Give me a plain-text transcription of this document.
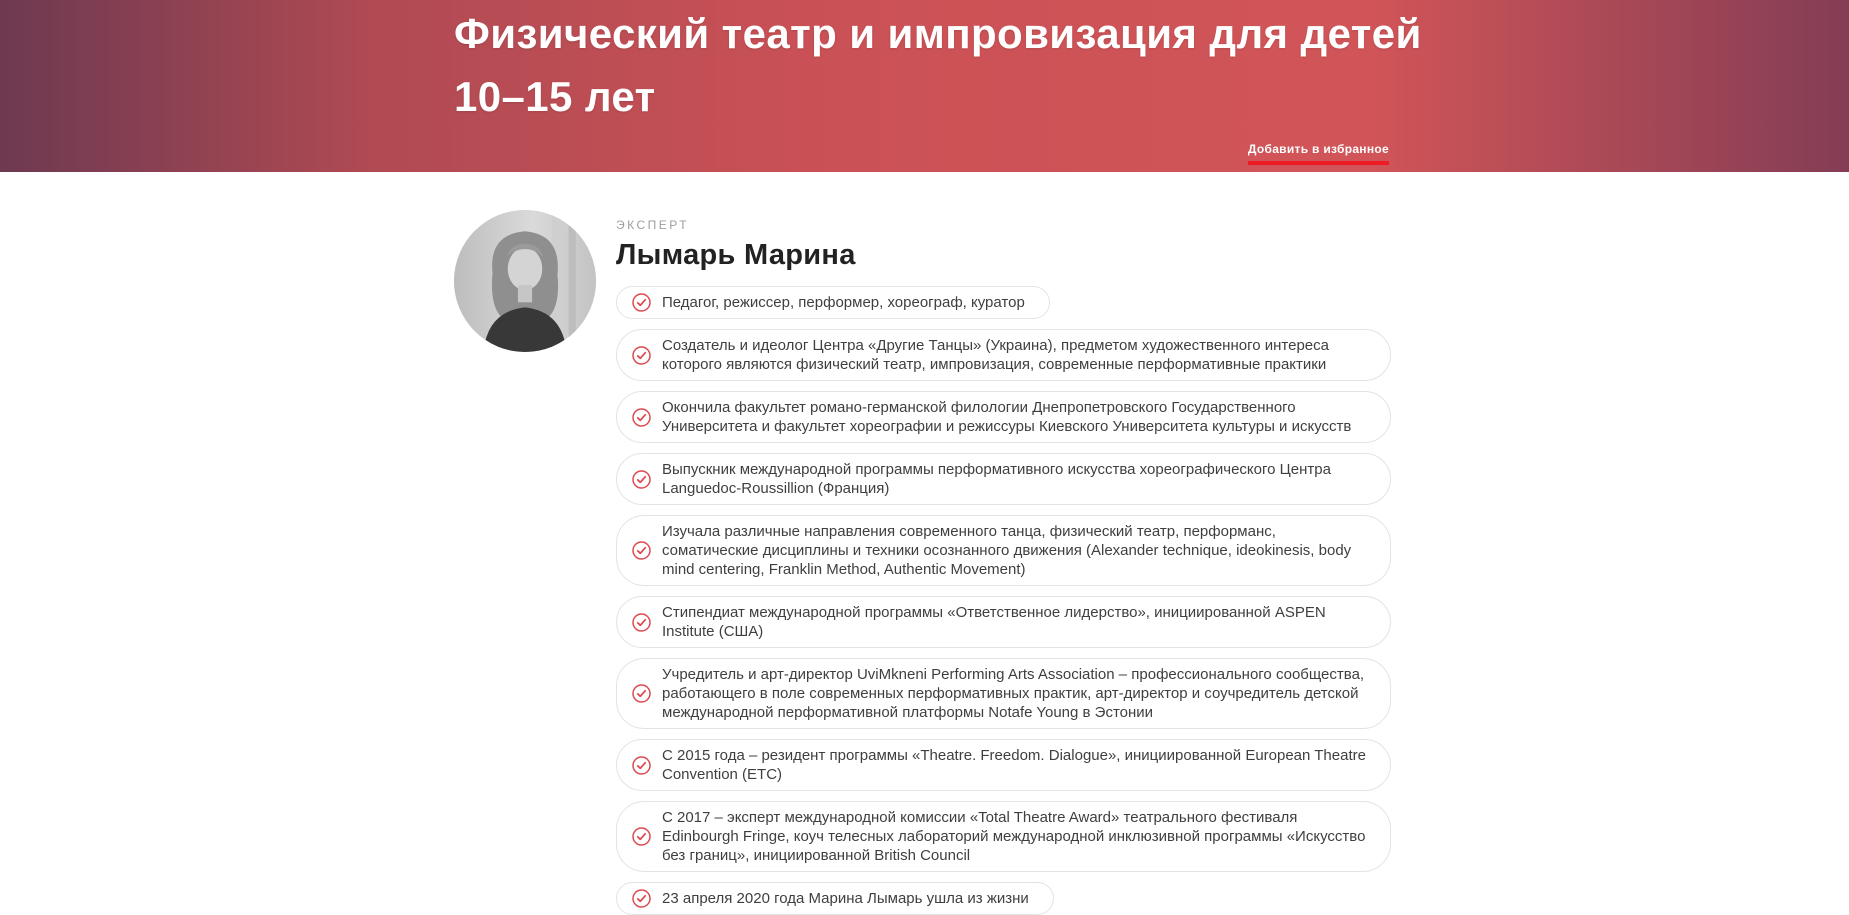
Физический театр и импровизация для детей 10–15 лет
Добавить в избранное
ЭКСПЕРТ
Лымарь Марина
Педагог, режиссер, перформер, хореограф, куратор
Создатель и идеолог Центра «Другие Танцы» (Украина), предметом художественного интереса которого являются физический театр, импровизация, современные перформативные практики
Окончила факультет романо-германской филологии Днепропетровского Государственного Университета и факультет хореографии и режиссуры Киевского Университета культуры и искусств
Выпускник международной программы перформативного искусства хореографического Центра Languedoc-Roussillion (Франция)
Изучала различные направления современного танца, физический театр, перформанс, соматические дисциплины и техники осознанного движения (Alexander technique, ideokinesis, body mind centering, Franklin Method, Authentic Movement)
Стипендиат международной программы «Ответственное лидерство», инициированной ASPEN Institute (США)
Учредитель и арт-директор UviMkneni Performing Arts Association – профессионального сообщества, работающего в поле современных перформативных практик, арт-директор и соучредитель детской международной перформативной платформы Notafe Young в Эстонии
С 2015 года – резидент программы «Theatre. Freedom. Dialogue», инициированной European Theatre Convention (ETC)
С 2017 – эксперт международной комиссии «Total Theatre Award» театрального фестиваля Edinbourgh Fringe, коуч телесных лабораторий международной инклюзивной программы «Искусство без границ», инициированной British Council
23 апреля 2020 года Марина Лымарь ушла из жизни
